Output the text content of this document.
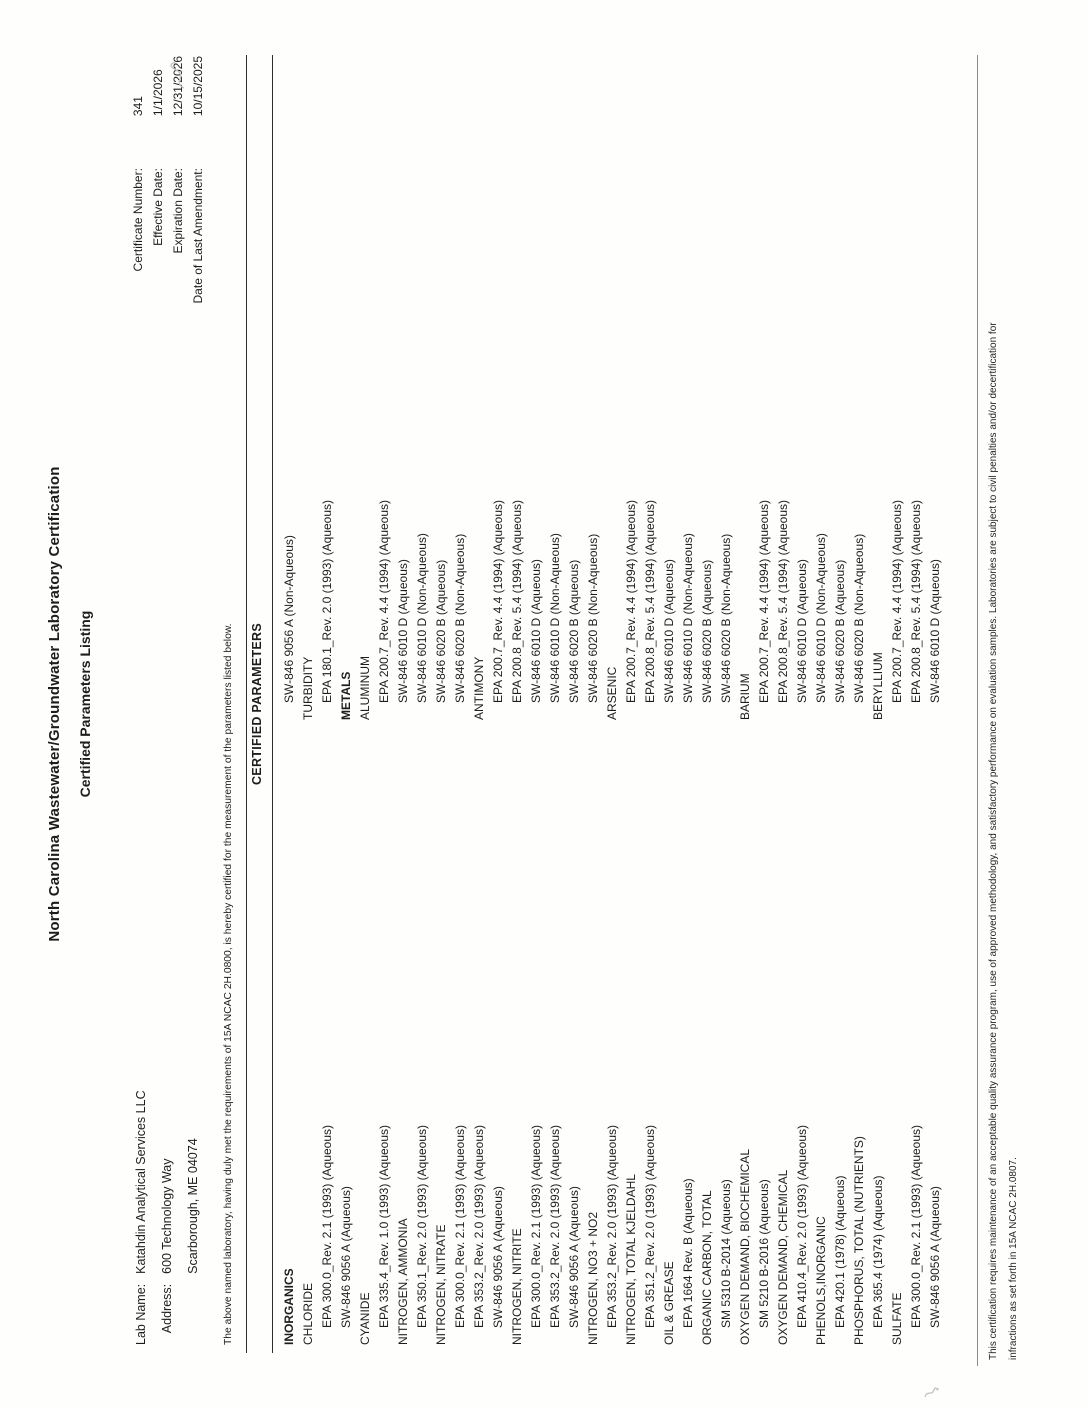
North Carolina Wastewater/Groundwater Laboratory Certification Certified Parameters Listing
Lab Name:
Katahdin Analytical Services LLC
Address:
600 Technology Way Scarborough, ME 04074
Certificate Number:
341
Effective Date:
1/1/2026
Expiration Date:
12/31/2026
Date of Last Amendment:
10/15/2025
The above named laboratory, having duly met the requirements of 15A NCAC 2H.0800, is hereby certified for the measurement of the parameters listed below. CERTIFIED PARAMETERS
INORGANICS CHLORIDE EPA 300.0_Rev. 2.1 (1993) (Aqueous) SW-846 9056 A (Aqueous) CYANIDE EPA 335.4_Rev. 1.0 (1993) (Aqueous) NITROGEN, AMMONIA EPA 350.1_Rev. 2.0 (1993) (Aqueous) NITROGEN, NITRATE EPA 300.0_Rev. 2.1 (1993) (Aqueous) EPA 353.2_Rev. 2.0 (1993) (Aqueous) SW-846 9056 A (Aqueous) NITROGEN, NITRITE EPA 300.0_Rev. 2.1 (1993) (Aqueous) EPA 353.2_Rev. 2.0 (1993) (Aqueous) SW-846 9056 A (Aqueous) NITROGEN, NO3 + NO2 EPA 353.2_Rev. 2.0 (1993) (Aqueous) NITROGEN, TOTAL KJELDAHL EPA 351.2_Rev. 2.0 (1993) (Aqueous) OIL & GREASE EPA 1664 Rev. B (Aqueous) ORGANIC CARBON, TOTAL SM 5310 B-2014 (Aqueous) OXYGEN DEMAND, BIOCHEMICAL SM 5210 B-2016 (Aqueous) OXYGEN DEMAND, CHEMICAL EPA 410.4_Rev. 2.0 (1993) (Aqueous) PHENOLS,INORGANIC EPA 420.1 (1978) (Aqueous) PHOSPHORUS, TOTAL (NUTRIENTS) EPA 365.4 (1974) (Aqueous) SULFATE EPA 300.0_Rev. 2.1 (1993) (Aqueous) SW-846 9056 A (Aqueous)
SW-846 9056 A (Non-Aqueous) TURBIDITY EPA 180.1_Rev. 2.0 (1993) (Aqueous) METALS ALUMINUM EPA 200.7_Rev. 4.4 (1994) (Aqueous) SW-846 6010 D (Aqueous) SW-846 6010 D (Non-Aqueous) SW-846 6020 B (Aqueous) SW-846 6020 B (Non-Aqueous) ANTIMONY EPA 200.7_Rev. 4.4 (1994) (Aqueous) EPA 200.8_Rev. 5.4 (1994) (Aqueous) SW-846 6010 D (Aqueous) SW-846 6010 D (Non-Aqueous) SW-846 6020 B (Aqueous) SW-846 6020 B (Non-Aqueous) ARSENIC EPA 200.7_Rev. 4.4 (1994) (Aqueous) EPA 200.8_Rev. 5.4 (1994) (Aqueous) SW-846 6010 D (Aqueous) SW-846 6010 D (Non-Aqueous) SW-846 6020 B (Aqueous) SW-846 6020 B (Non-Aqueous) BARIUM EPA 200.7_Rev. 4.4 (1994) (Aqueous) EPA 200.8_Rev. 5.4 (1994) (Aqueous) SW-846 6010 D (Aqueous) SW-846 6010 D (Non-Aqueous) SW-846 6020 B (Aqueous) SW-846 6020 B (Non-Aqueous) BERYLLIUM EPA 200.7_Rev. 4.4 (1994) (Aqueous) EPA 200.8_Rev. 5.4 (1994) (Aqueous) SW-846 6010 D (Aqueous)	This certification requires maintenance of an acceptable quality assurance program, use of approved methodology, and satisfactory performance on evaluation samples. Laboratories are subject to civil penalties and/or decertification for infractions as set forth in 15A NCAC 2H.0807.
